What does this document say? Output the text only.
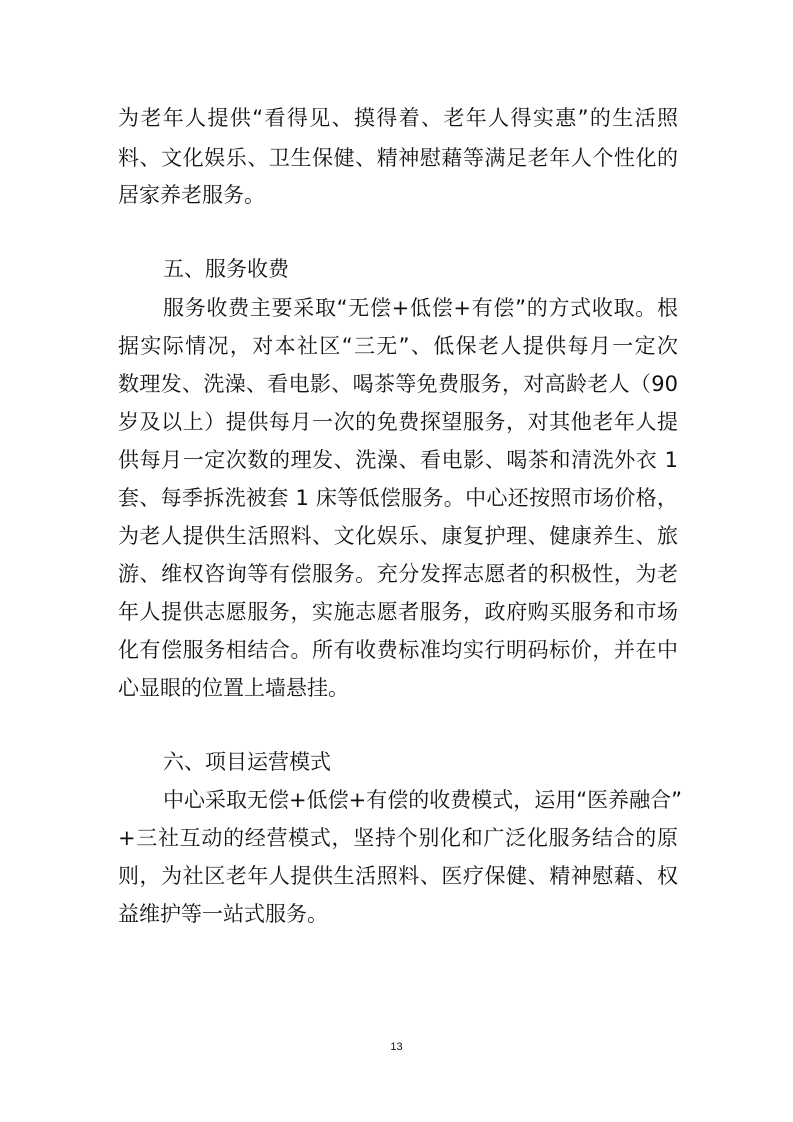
为老年人提供“看得见、摸得着、老年人得实惠”的生活照
料、文化娱乐、卫生保健、精神慰藉等满足老年人个性化的
居家养老服务。
五、服务收费
服务收费主要采取“无偿+低偿+有偿”的方式收取。根
据实际情况，对本社区“三无”、低保老人提供每月一定次
数理发、洗澡、看电影、喝茶等免费服务，对高龄老人（90
岁及以上）提供每月一次的免费探望服务，对其他老年人提
供每月一定次数的理发、洗澡、看电影、喝茶和清洗外衣 1
套、每季拆洗被套 1 床等低偿服务。中心还按照市场价格，
为老人提供生活照料、文化娱乐、康复护理、健康养生、旅
游、维权咨询等有偿服务。充分发挥志愿者的积极性，为老
年人提供志愿服务，实施志愿者服务，政府购买服务和市场
化有偿服务相结合。所有收费标准均实行明码标价，并在中
心显眼的位置上墙悬挂。
六、项目运营模式
中心采取无偿+低偿+有偿的收费模式，运用“医养融合”
+三社互动的经营模式，坚持个别化和广泛化服务结合的原
则，为社区老年人提供生活照料、医疗保健、精神慰藉、权
益维护等一站式服务。
13
